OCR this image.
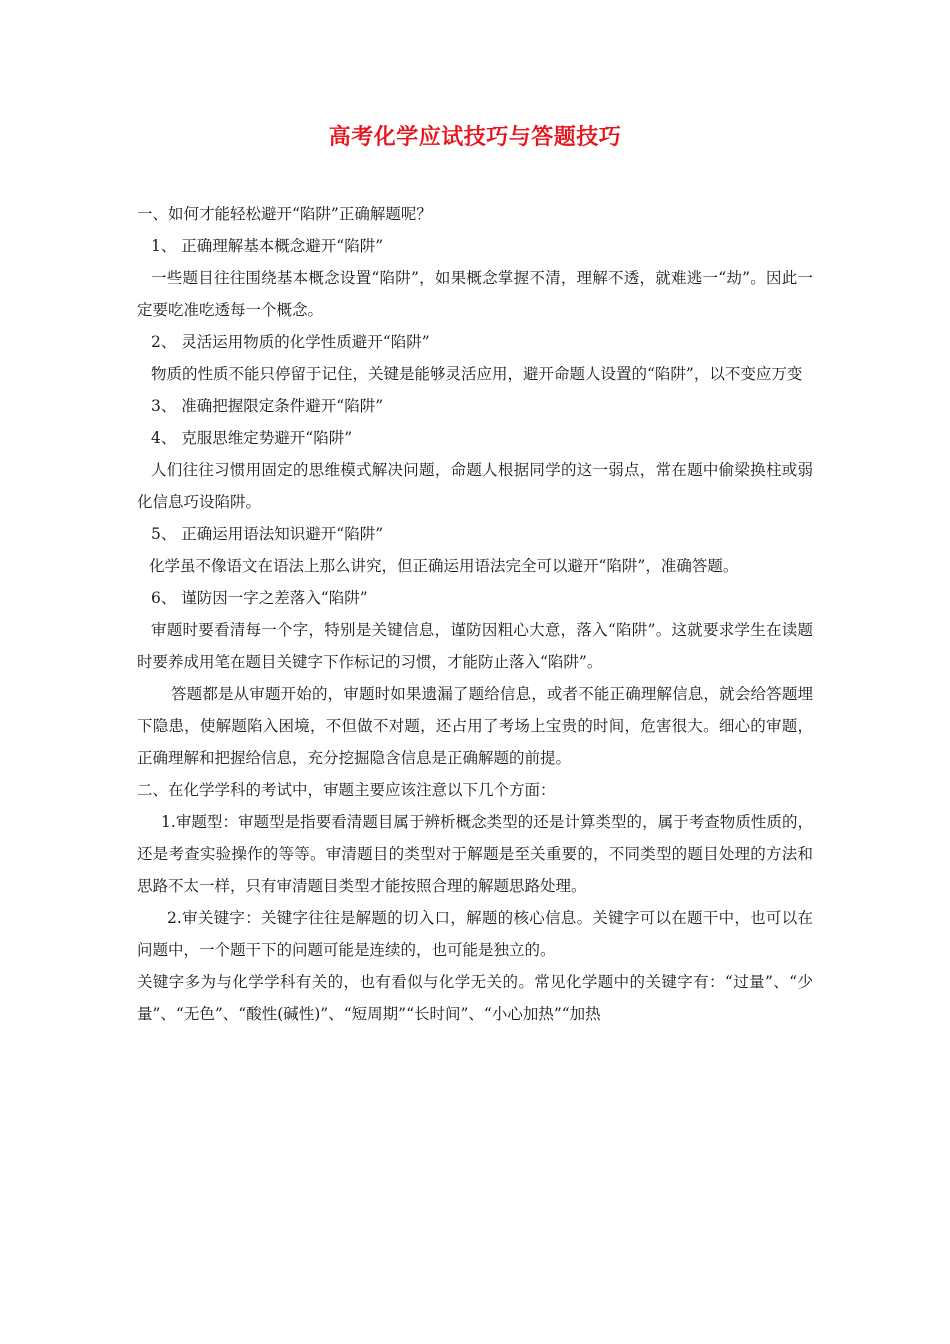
高考化学应试技巧与答题技巧

一、如何才能轻松避开“陷阱”正确解题呢？

1、 正确理解基本概念避开“陷阱”

一些题目往往围绕基本概念设置“陷阱”，如果概念掌握不清，理解不透，就难逃一“劫”。因此一定要吃准吃透每一个概念。

2、 灵活运用物质的化学性质避开“陷阱”

物质的性质不能只停留于记住，关键是能够灵活应用，避开命题人设置的“陷阱”，以不变应万变

3、 准确把握限定条件避开“陷阱”

4、 克服思维定势避开“陷阱”

人们往往习惯用固定的思维模式解决问题，命题人根据同学的这一弱点，常在题中偷梁换柱或弱化信息巧设陷阱。

5、 正确运用语法知识避开“陷阱”

化学虽不像语文在语法上那么讲究，但正确运用语法完全可以避开“陷阱”，准确答题。

6、 谨防因一字之差落入“陷阱”

审题时要看清每一个字，特别是关键信息，谨防因粗心大意，落入“陷阱”。这就要求学生在读题时要养成用笔在题目关键字下作标记的习惯，才能防止落入“陷阱”。

答题都是从审题开始的，审题时如果遗漏了题给信息，或者不能正确理解信息，就会给答题埋下隐患，使解题陷入困境，不但做不对题，还占用了考场上宝贵的时间，危害很大。细心的审题，正确理解和把握给信息，充分挖掘隐含信息是正确解题的前提。

二、在化学学科的考试中，审题主要应该注意以下几个方面：

1.审题型：审题型是指要看清题目属于辨析概念类型的还是计算类型的，属于考查物质性质的，还是考查实验操作的等等。审清题目的类型对于解题是至关重要的，不同类型的题目处理的方法和思路不太一样，只有审清题目类型才能按照合理的解题思路处理。

2.审关键字：关键字往往是解题的切入口，解题的核心信息。关键字可以在题干中，也可以在问题中，一个题干下的问题可能是连续的，也可能是独立的。

关键字多为与化学学科有关的，也有看似与化学无关的。常见化学题中的关键字有：“过量”、“少量”、“无色”、“酸性(碱性)”、“短周期”“长时间”、“小心加热”“加热
